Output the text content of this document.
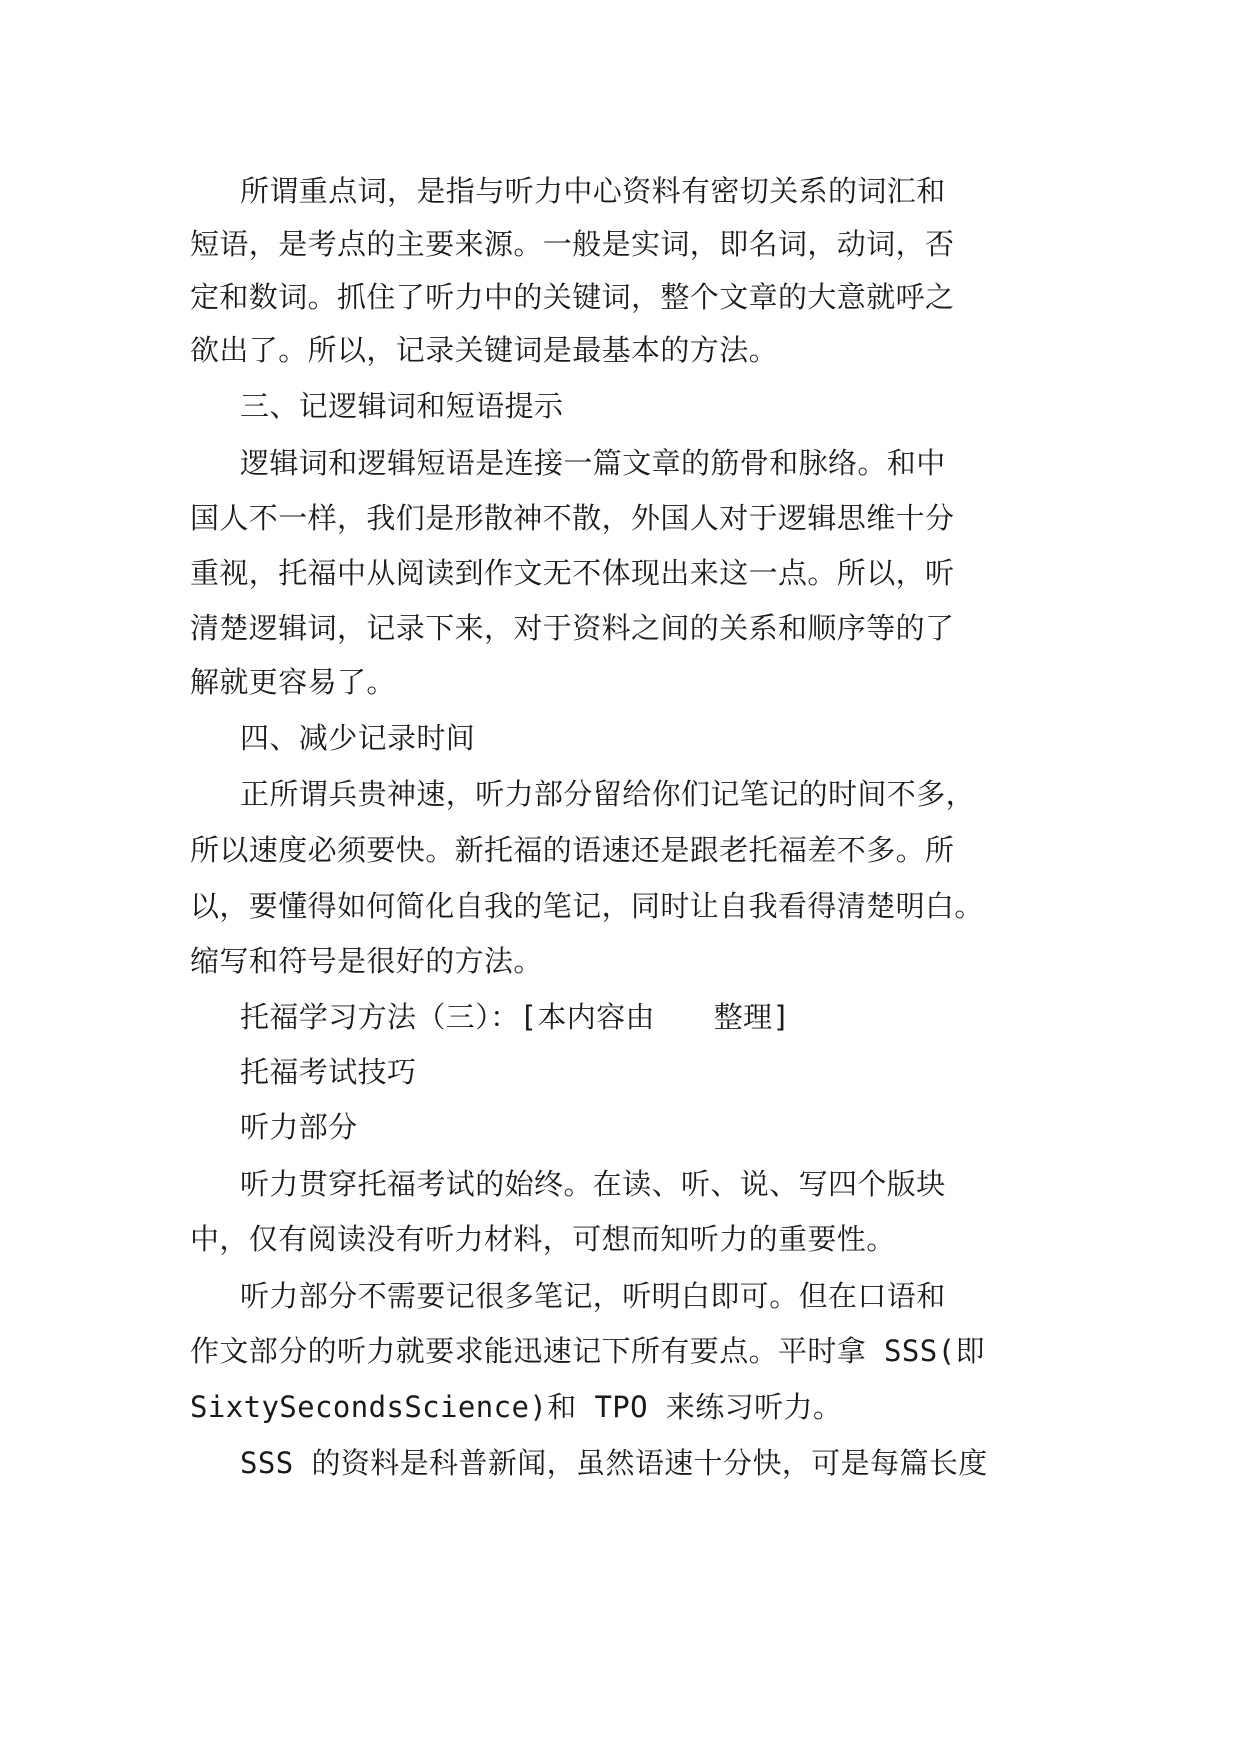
所谓重点词，是指与听力中心资料有密切关系的词汇和
短语，是考点的主要来源。一般是实词，即名词，动词，否
定和数词。抓住了听力中的关键词，整个文章的大意就呼之
欲出了。所以，记录关键词是最基本的方法。
三、记逻辑词和短语提示
逻辑词和逻辑短语是连接一篇文章的筋骨和脉络。和中
国人不一样，我们是形散神不散，外国人对于逻辑思维十分
重视，托福中从阅读到作文无不体现出来这一点。所以，听
清楚逻辑词，记录下来，对于资料之间的关系和顺序等的了
解就更容易了。
四、减少记录时间
正所谓兵贵神速，听力部分留给你们记笔记的时间不多，
所以速度必须要快。新托福的语速还是跟老托福差不多。所
以，要懂得如何简化自我的笔记，同时让自我看得清楚明白。
缩写和符号是很好的方法。
托福学习方法（三）：[本内容由　　整理]
托福考试技巧
听力部分
听力贯穿托福考试的始终。在读、听、说、写四个版块
中，仅有阅读没有听力材料，可想而知听力的重要性。
听力部分不需要记很多笔记，听明白即可。但在口语和
作文部分的听力就要求能迅速记下所有要点。平时拿 SSS(即
SixtySecondsScience)和 TPO 来练习听力。
SSS 的资料是科普新闻，虽然语速十分快，可是每篇长度
